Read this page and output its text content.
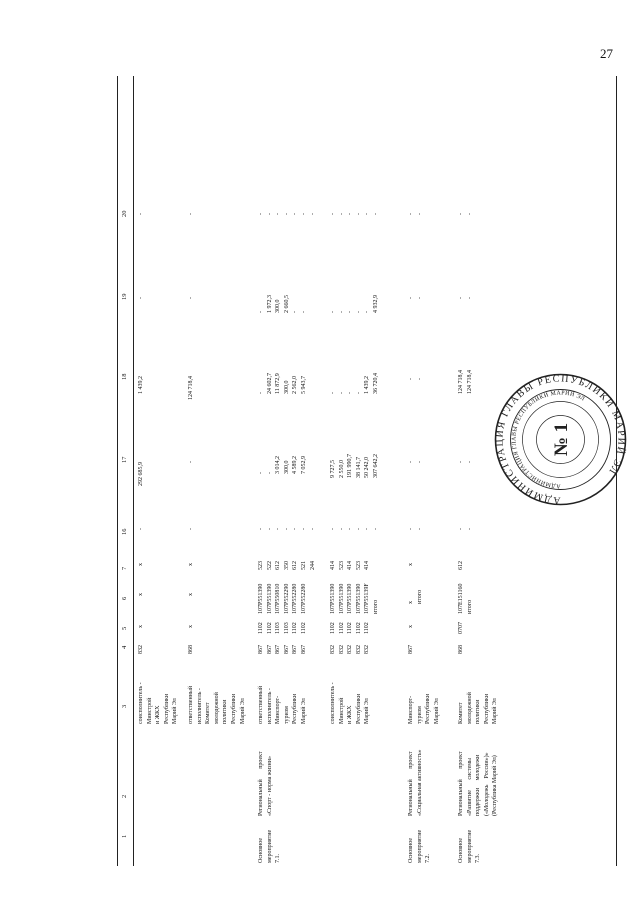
27
1
2
3
4
5
6
7
16
17
18
19
20
соисполнитель -
Минстрой
и ЖКХ
Республики
Марий Эл
832
x
x
x
-
292 685,9
1 439,2
-
-
ответственный
исполнитель -
Комитет
молодежной
политики
Республики
Марий Эл
868
x
x
x
-
-
124 718,4
-
-
Основное
мероприятие
7.1.
Региональный       проект
«Спорт - норма жизни»
ответственный
исполнитель -
Минспорт-
туризм
Республики
Марий Эл
867
867
867
867
867
867
1102
1102
1103
1103
1102
1102
107P551390
107P551390
107P550810
107P552290
107P552280
107P552280
523
522
612
350
612
521
244
-
-
-
-
-
-
-
-
-
3 014,2
300,0
4 589,2
7 052,9
-
24 602,7
11 872,9
300,0
2 562,0
5 943,7
-
1 972,3
300,0
2 660,5
-
-
-
-
-
-
-
-
-
соисполнитель -
Минстрой
и ЖКХ
Республики
Марий Эл
832
832
832
832
832
1102
1102
1102
1102
1102
107P551390
107P551390
107P551390
107P551390
107P55139F
итого
414
523
414
523
414
-
-
-
-
-
-
9 727,5
2 550,0
191 990,7
38 141,7
50 242,0
307 642,2
-
-
-
-
1 439,2
36 720,4
-
-
-
-
-
4 932,9
-
-
-
-
-
-
Основное
мероприятие
7.2.
Региональный       проект
«Социальная активность»
Минспорт-
туризм
Республики
Марий Эл
867
x
x
итого
x
-
-
-
-
-
-
-
-
-
-
Основное
мероприятие
7.3.
Региональный       проект
«Развитие       системы
поддержки     молодежи
(«Молодежь    России»)»
(Республика Марий Эл)
Комитет
молодежной
политики
Республики
Марий Эл
868
0707
107Е151160
итого
612
-
-
-
-
124 718,4
124 718,4
-
-
-
-
АДМИНИСТРАЦИЯ ГЛАВЫ РЕСПУБЛИКИ МАРИЙ ЭЛ
АДМИНИСТРАЦИЯ ГЛАВЫ РЕСПУБЛИКИ МАРИЙ ЭЛ
№ 1
